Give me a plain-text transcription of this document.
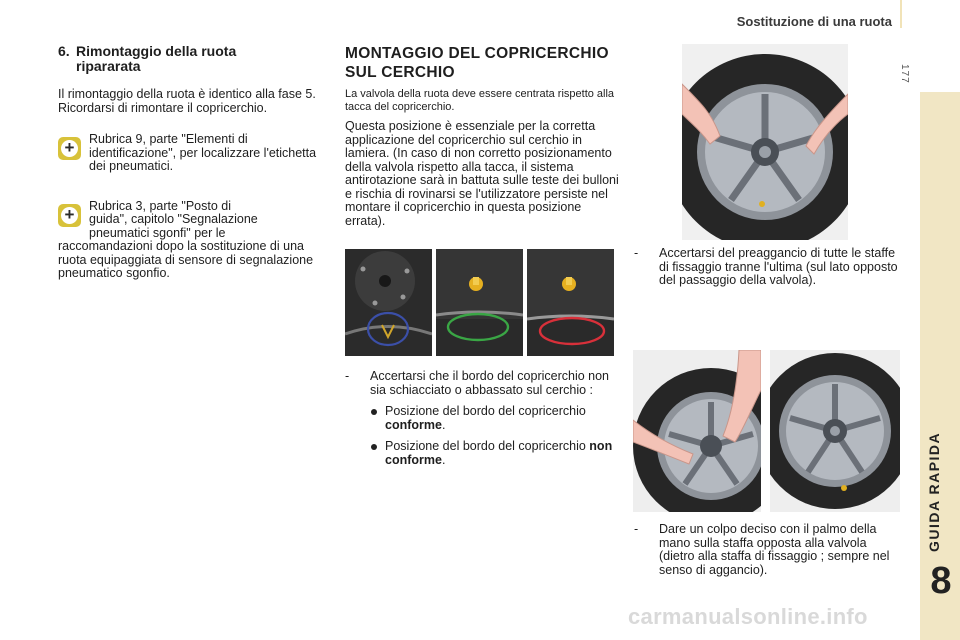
Sostituzione di una ruota
177
GUIDA RAPIDA
8
6. Rimontaggio della ruota
ripararata

Il rimontaggio della ruota è identico alla fase 5. Ricordarsi di rimontare il copricerchio.

+
Rubrica 9, parte "Elementi di identificazione", per localizzare l'etichetta dei pneumatici.
+
Rubrica 3, parte "Posto di
guida", capitolo "Segnalazione
pneumatici sgonfi" per le
raccomandazioni dopo la sostituzione di una ruota equipaggiata di sensore di segnalazione pneumatico sgonfio.
MONTAGGIO DEL COPRICERCHIO SUL CERCHIO

La valvola della ruota deve essere centrata rispetto alla tacca del copricerchio.

Questa posizione è essenziale per la corretta applicazione del copricerchio sul cerchio in lamiera. (In caso di non corretto posizionamento della valvola rispetto alla tacca, il sistema antirotazione sarà in battuta sulle teste dei bulloni e rischia di rovinarsi se l'utilizzatore persiste nel montare il copricerchio in questa posizione errata).

-	Accertarsi che il bordo del copricerchio non sia schiacciato o abbassato sul cerchio :
Posizione del bordo del copricerchio conforme.
Posizione del bordo del copricerchio non conforme.
-	Accertarsi del preaggancio di tutte le staffe di fissaggio tranne l'ultima (sul lato opposto del passaggio della valvola).
-	Dare un colpo deciso con il palmo della mano sulla staffa opposta alla valvola (dietro alla staffa di fissaggio ; sempre nel senso di aggancio).
carmanualsonline.info
